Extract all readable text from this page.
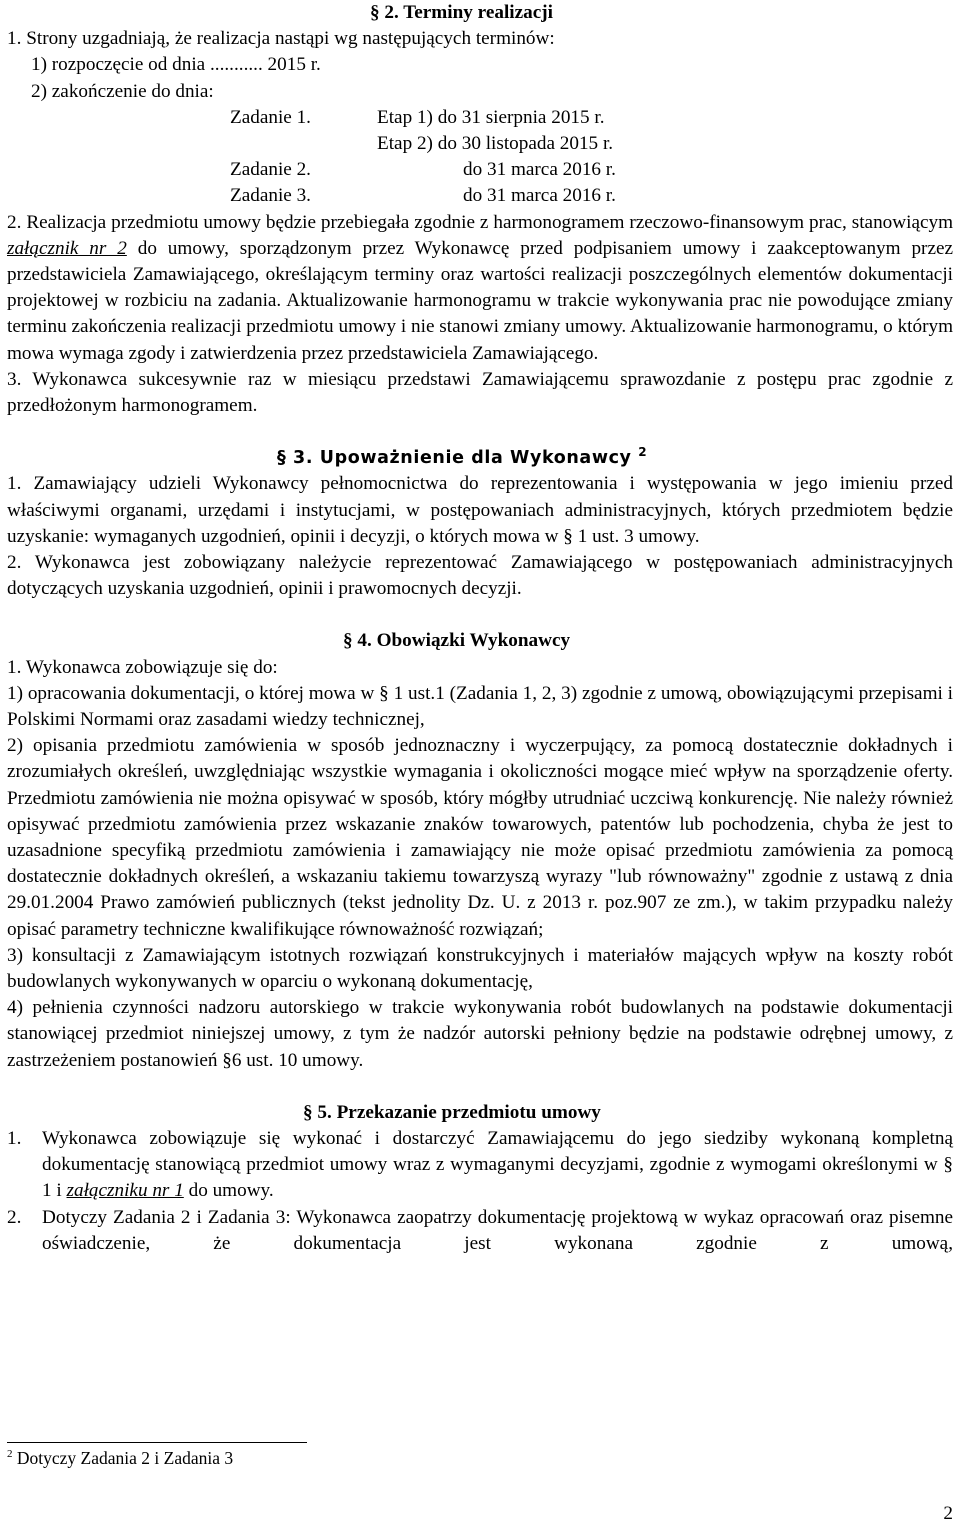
§ 2. Terminy realizacji

1. Strony uzgadniają, że realizacja nastąpi wg następujących terminów:

1) rozpoczęcie od dnia ........... 2015 r.

2) zakończenie do dnia:

Zadanie 1.	Etap 1) do 31 sierpnia 2015 r.
Etap 2) do 30 listopada 2015 r.
Zadanie 2.	do 31 marca 2016 r.
Zadanie 3.	do 31 marca 2016 r.

2. Realizacja przedmiotu umowy będzie przebiegała zgodnie z harmonogramem rzeczowo-finansowym prac, stanowiącym załącznik nr 2 do umowy, sporządzonym przez Wykonawcę przed podpisaniem umowy i zaakceptowanym przez przedstawiciela Zamawiającego, określającym terminy oraz wartości realizacji poszczególnych elementów dokumentacji projektowej w rozbiciu na zadania. Aktualizowanie harmonogramu w trakcie wykonywania prac nie powodujące zmiany terminu zakończenia realizacji przedmiotu umowy i nie stanowi zmiany umowy. Aktualizowanie harmonogramu, o którym mowa wymaga zgody i zatwierdzenia przez przedstawiciela Zamawiającego.

3. Wykonawca sukcesywnie raz w miesiącu przedstawi Zamawiającemu sprawozdanie z postępu prac zgodnie z przedłożonym harmonogramem.

§ 3. Upoważnienie dla Wykonawcy $^2$

1. Zamawiający udzieli Wykonawcy pełnomocnictwa do reprezentowania i występowania w jego imieniu przed właściwymi organami, urzędami i instytucjami, w postępowaniach administracyjnych, których przedmiotem będzie uzyskanie: wymaganych uzgodnień, opinii i decyzji, o których mowa w § 1 ust. 3 umowy.

2. Wykonawca jest zobowiązany należycie reprezentować Zamawiającego w postępowaniach administracyjnych dotyczących uzyskania uzgodnień, opinii i prawomocnych decyzji.

§ 4. Obowiązki Wykonawcy

1. Wykonawca zobowiązuje się do:

1) opracowania dokumentacji, o której mowa w § 1 ust.1 (Zadania 1, 2, 3) zgodnie z umową, obowiązującymi przepisami i Polskimi Normami oraz zasadami wiedzy technicznej,

2) opisania przedmiotu zamówienia w sposób jednoznaczny i wyczerpujący, za pomocą dostatecznie dokładnych i zrozumiałych określeń, uwzględniając wszystkie wymagania i okoliczności mogące mieć wpływ na sporządzenie oferty. Przedmiotu zamówienia nie można opisywać w sposób, który mógłby utrudniać uczciwą konkurencję. Nie należy również opisywać przedmiotu zamówienia przez wskazanie znaków towarowych, patentów lub pochodzenia, chyba że jest to uzasadnione specyfiką przedmiotu zamówienia i zamawiający nie może opisać przedmiotu zamówienia za pomocą dostatecznie dokładnych określeń, a wskazaniu takiemu towarzyszą wyrazy "lub równoważny" zgodnie z ustawą z dnia 29.01.2004 Prawo zamówień publicznych (tekst jednolity Dz. U. z 2013 r. poz.907 ze zm.), w takim przypadku należy opisać parametry techniczne kwalifikujące równoważność rozwiązań;

3) konsultacji z Zamawiającym istotnych rozwiązań konstrukcyjnych i materiałów mających wpływ na koszty robót budowlanych wykonywanych w oparciu o wykonaną dokumentację,

4) pełnienia czynności nadzoru autorskiego w trakcie wykonywania robót budowlanych na podstawie dokumentacji stanowiącej przedmiot niniejszej umowy, z tym że nadzór autorski pełniony będzie na podstawie odrębnej umowy, z zastrzeżeniem postanowień §6 ust. 10 umowy.

§ 5. Przekazanie przedmiotu umowy

1.	Wykonawca zobowiązuje się wykonać i dostarczyć Zamawiającemu do jego siedziby wykonaną kompletną dokumentację stanowiącą przedmiot umowy wraz z wymaganymi decyzjami, zgodnie z wymogami określonymi w § 1 i załączniku nr 1 do umowy.

2.	Dotyczy Zadania 2 i Zadania 3: Wykonawca zaopatrzy dokumentację projektową w wykaz opracowań oraz pisemne oświadczenie, że dokumentacja jest wykonana zgodnie z umową,

$^2$ Dotyczy Zadania 2 i Zadania 3
2
